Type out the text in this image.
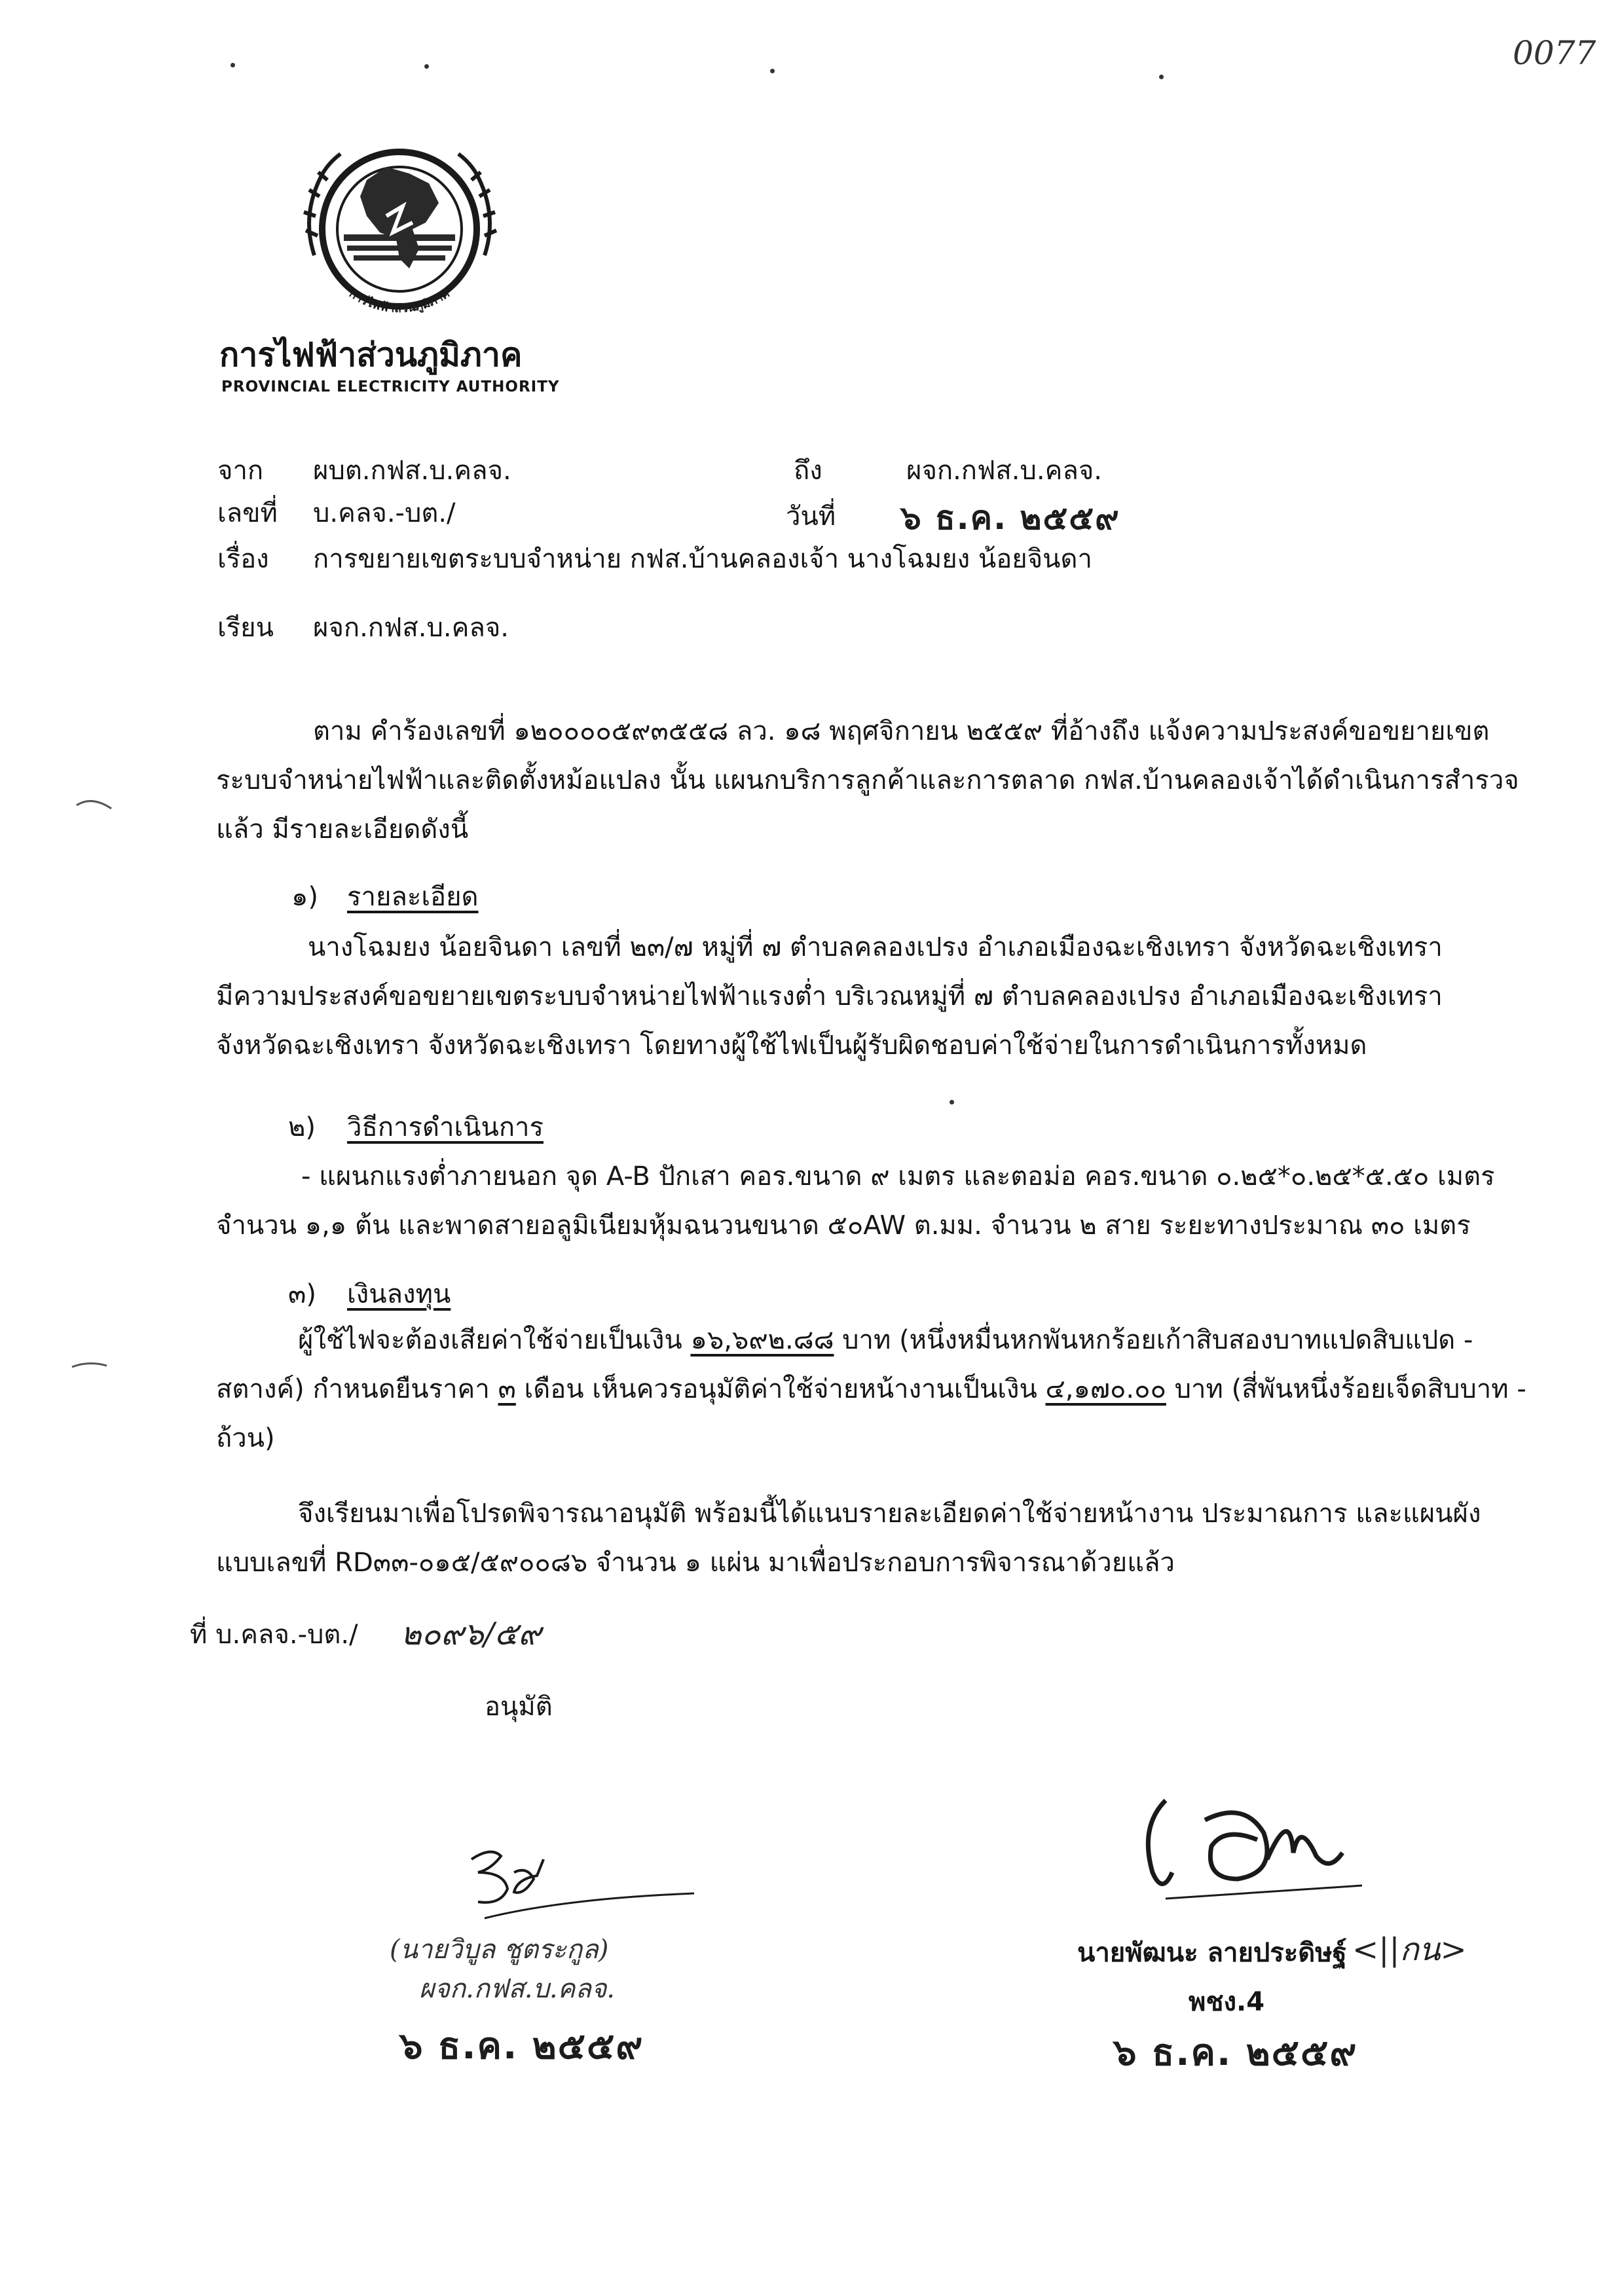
0077
การไฟฟ้าส่วนภูมิภาค
การไฟฟ้าส่วนภูมิภาค
PROVINCIAL ELECTRICITY AUTHORITY
จาก ผบต.กฟส.บ.คลจ.	ถึง	ผจก.กฟส.บ.คลจ.
เลขที่ บ.คลจ.-บต./	วันที่ ๖ ธ.ค. ๒๕๕๙
เรื่อง การขยายเขตระบบจำหน่าย กฟส.บ้านคลองเจ้า นางโฉมยง น้อยจินดา
เรียน ผจก.กฟส.บ.คลจ.
ตาม คำร้องเลขที่ ๑๒๐๐๐๐๕๙๓๕๕๘ ลว. ๑๘ พฤศจิกายน ๒๕๕๙ ที่อ้างถึง แจ้งความประสงค์ขอขยายเขต
ระบบจำหน่ายไฟฟ้าและติดตั้งหม้อแปลง นั้น แผนกบริการลูกค้าและการตลาด กฟส.บ้านคลองเจ้าได้ดำเนินการสำรวจ
แล้ว มีรายละเอียดดังนี้
๑) รายละเอียด
นางโฉมยง น้อยจินดา เลขที่ ๒๓/๗ หมู่ที่ ๗ ตำบลคลองเปรง อำเภอเมืองฉะเชิงเทรา จังหวัดฉะเชิงเทรา
มีความประสงค์ขอขยายเขตระบบจำหน่ายไฟฟ้าแรงต่ำ บริเวณหมู่ที่ ๗ ตำบลคลองเปรง อำเภอเมืองฉะเชิงเทรา
จังหวัดฉะเชิงเทรา จังหวัดฉะเชิงเทรา โดยทางผู้ใช้ไฟเป็นผู้รับผิดชอบค่าใช้จ่ายในการดำเนินการทั้งหมด
๒) วิธีการดำเนินการ
- แผนกแรงต่ำภายนอก จุด A-B ปักเสา คอร.ขนาด ๙ เมตร และตอม่อ คอร.ขนาด ๐.๒๕*๐.๒๕*๕.๕๐ เมตร
จำนวน ๑,๑ ต้น และพาดสายอลูมิเนียมหุ้มฉนวนขนาด ๕๐AW ต.มม. จำนวน ๒ สาย ระยะทางประมาณ ๓๐ เมตร
๓) เงินลงทุน
ผู้ใช้ไฟจะต้องเสียค่าใช้จ่ายเป็นเงิน ๑๖,๖๙๒.๘๘ บาท (หนึ่งหมื่นหกพันหกร้อยเก้าสิบสองบาทแปดสิบแปด -
สตางค์) กำหนดยืนราคา ๓ เดือน เห็นควรอนุมัติค่าใช้จ่ายหน้างานเป็นเงิน ๔,๑๗๐.๐๐ บาท (สี่พันหนึ่งร้อยเจ็ดสิบบาท -
ถ้วน)
จึงเรียนมาเพื่อโปรดพิจารณาอนุมัติ พร้อมนี้ได้แนบรายละเอียดค่าใช้จ่ายหน้างาน ประมาณการ และแผนผัง
แบบเลขที่ RD๓๓-๐๑๕/๕๙๐๐๘๖ จำนวน ๑ แผ่น มาเพื่อประกอบการพิจารณาด้วยแล้ว
ที่ บ.คลจ.-บต./ ๒๐๙๖/๕๙
อนุมัติ
(นายวิบูล ชูตระกูล)
ผจก.กฟส.บ.คลจ.
๖ ธ.ค. ๒๕๕๙
นายพัฒนะ ลายประดิษฐ์ <||กน>
พชง.4
๖ ธ.ค. ๒๕๕๙
